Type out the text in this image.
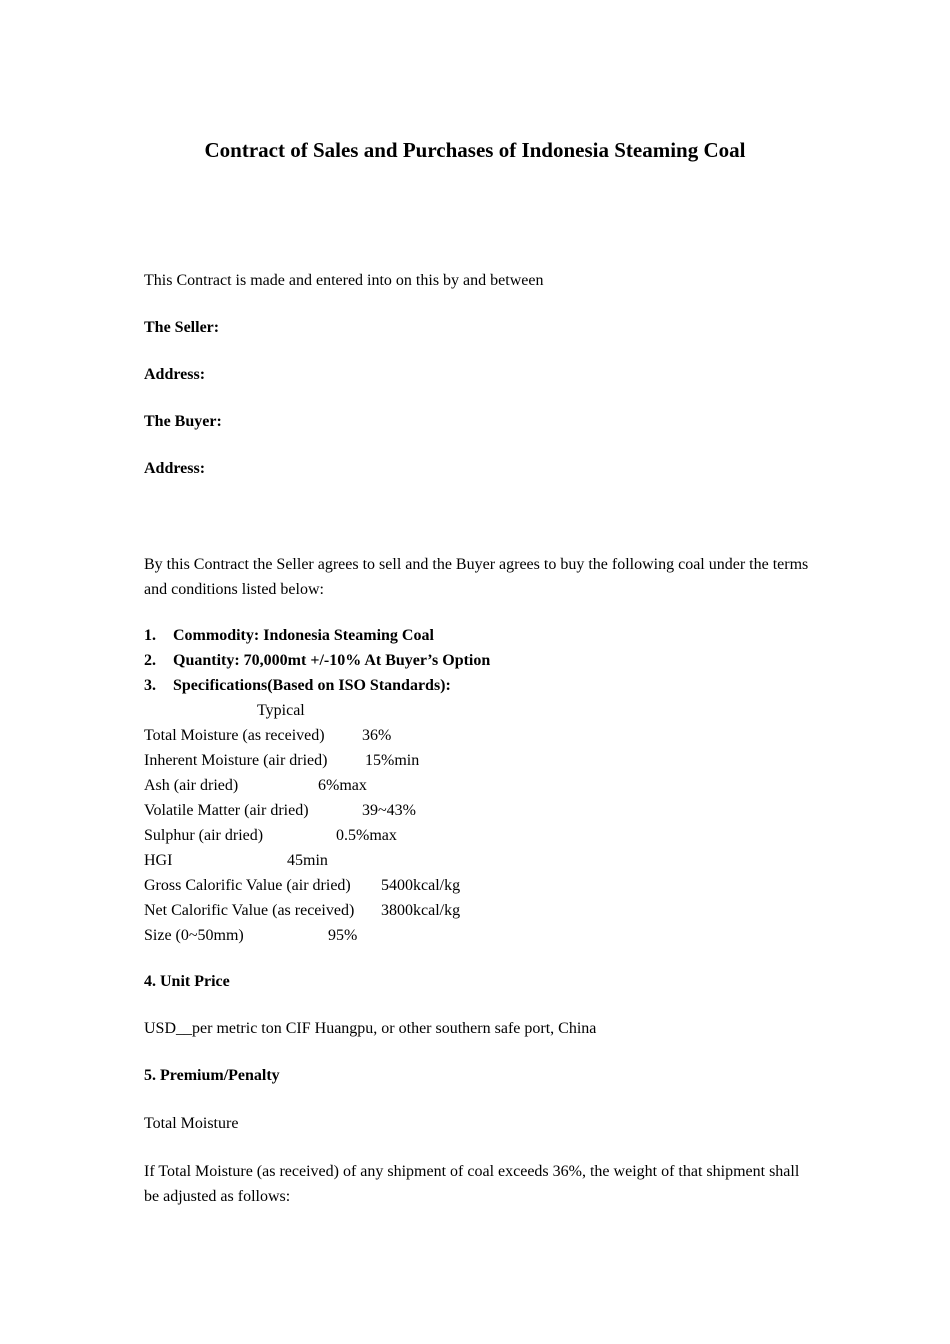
Contract of Sales and Purchases of Indonesia Steaming Coal
This Contract is made and entered into on this by and between
The Seller:
Address:
The Buyer:
Address:
By this Contract the Seller agrees to sell and the Buyer agrees to buy the following coal under the terms and conditions listed below:
1. Commodity: Indonesia Steaming Coal
2. Quantity: 70,000mt +/-10% At Buyer’s Option
3. Specifications(Based on ISO Standards):
Typical
Total Moisture (as received) 36%
Inherent Moisture (air dried) 15%min
Ash (air dried)	6%max
Volatile Matter (air dried)	39~43%
Sulphur (air dried)	0.5%max
HGI	45min
Gross Calorific Value (air dried) 5400kcal/kg
Net Calorific Value (as received) 3800kcal/kg
Size (0~50mm)	95%
4. Unit Price
USD__per metric ton CIF Huangpu, or other southern safe port, China
5. Premium/Penalty
Total Moisture
If Total Moisture (as received) of any shipment of coal exceeds 36%, the weight of that shipment shall be adjusted as follows:
